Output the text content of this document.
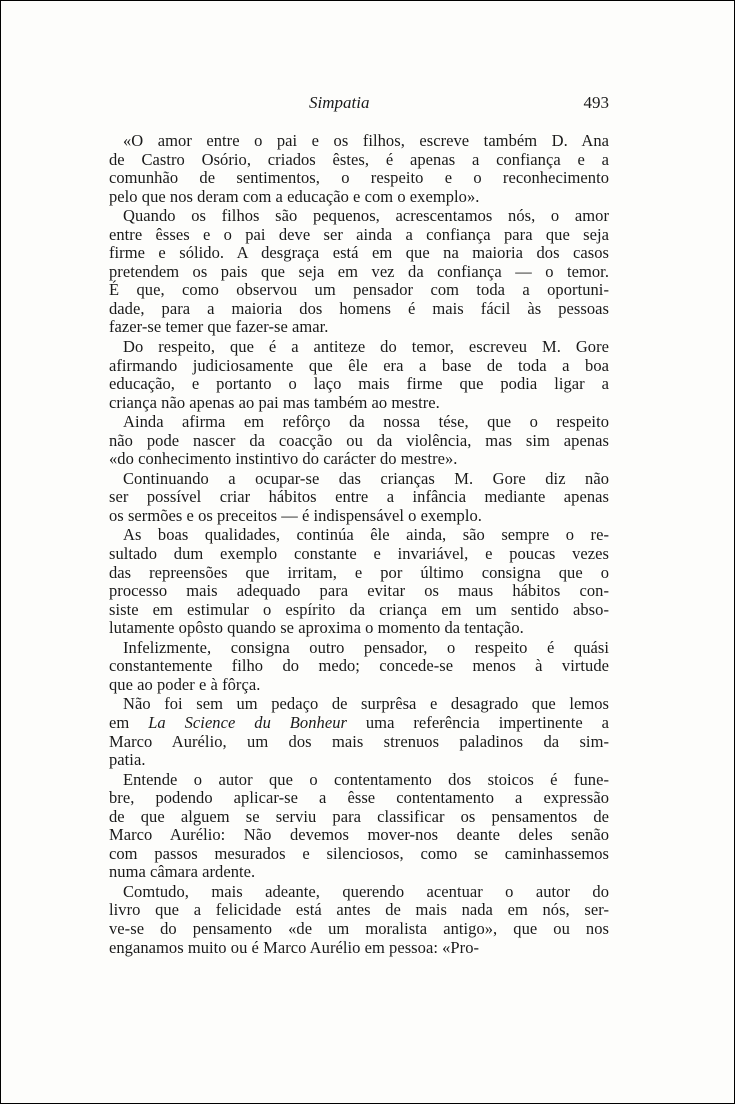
Simpatia	493

«O amor entre o pai e os filhos, escreve também D. Ana
de Castro Osório, criados êstes, é apenas a confiança e a
comunhão de sentimentos, o respeito e o reconhecimento
pelo que nos deram com a educação e com o exemplo».

Quando os filhos são pequenos, acrescentamos nós, o amor
entre êsses e o pai deve ser ainda a confiança para que seja
firme e sólido. A desgraça está em que na maioria dos casos
pretendem os pais que seja em vez da confiança — o temor.
É que, como observou um pensador com toda a oportuni-
dade, para a maioria dos homens é mais fácil às pessoas
fazer-se temer que fazer-se amar.

Do respeito, que é a antiteze do temor, escreveu M. Gore
afirmando judiciosamente que êle era a base de toda a boa
educação, e portanto o laço mais firme que podia ligar a
criança não apenas ao pai mas também ao mestre.

Ainda afirma em refôrço da nossa tése, que o respeito
não pode nascer da coacção ou da violência, mas sim apenas
«do conhecimento instintivo do carácter do mestre».

Continuando a ocupar-se das crianças M. Gore diz não
ser possível criar hábitos entre a infância mediante apenas
os sermões e os preceitos — é indispensável o exemplo.

As boas qualidades, continúa êle ainda, são sempre o re-
sultado dum exemplo constante e invariável, e poucas vezes
das repreensões que irritam, e por último consigna que o
processo mais adequado para evitar os maus hábitos con-
siste em estimular o espírito da criança em um sentido abso-
lutamente opôsto quando se aproxima o momento da tentação.

Infelizmente, consigna outro pensador, o respeito é quási
constantemente filho do medo; concede-se menos à virtude
que ao poder e à fôrça.

Não foi sem um pedaço de surprêsa e desagrado que lemos
em La Science du Bonheur uma referência impertinente a
Marco Aurélio, um dos mais strenuos paladinos da sim-
patia.

Entende o autor que o contentamento dos stoicos é fune-
bre, podendo aplicar-se a êsse contentamento a expressão
de que alguem se serviu para classificar os pensamentos de
Marco Aurélio: Não devemos mover-nos deante deles senão
com passos mesurados e silenciosos, como se caminhassemos
numa câmara ardente.

Comtudo, mais adeante, querendo acentuar o autor do
livro que a felicidade está antes de mais nada em nós, ser-
ve-se do pensamento «de um moralista antigo», que ou nos
enganamos muito ou é Marco Aurélio em pessoa: «Pro-
